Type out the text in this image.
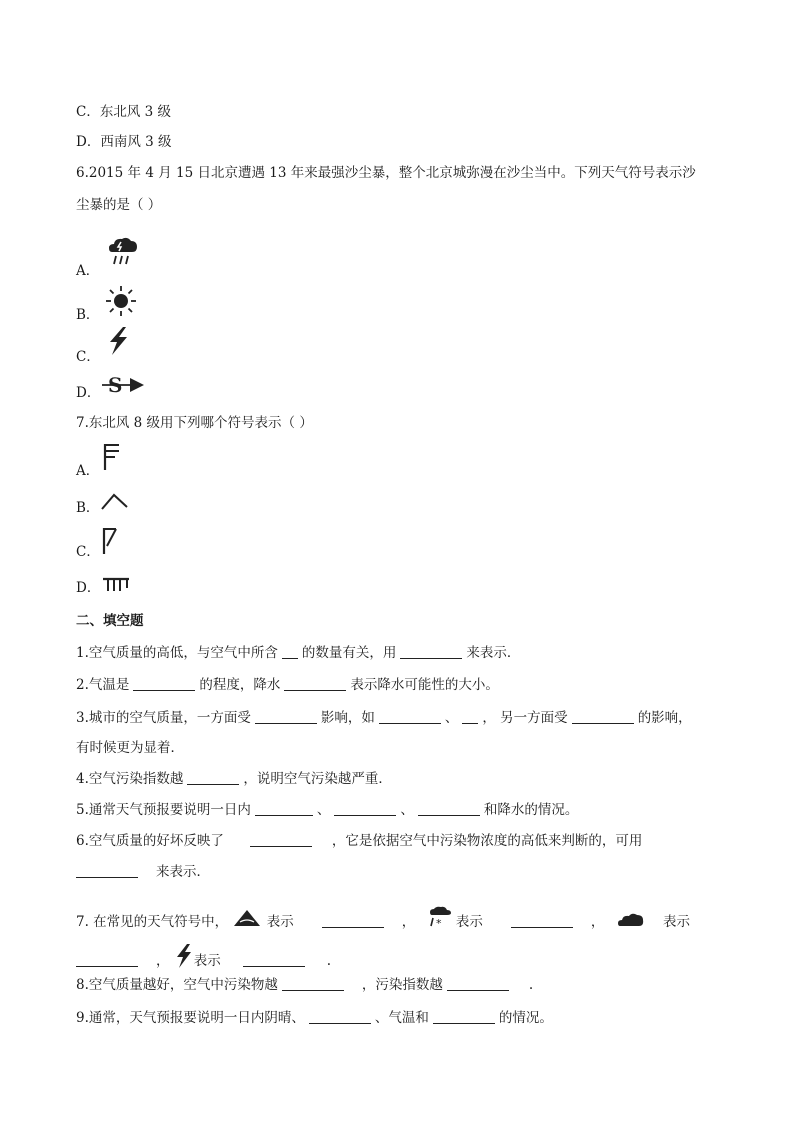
C．东北风 3 级
D．西南风 3 级
6.2015 年 4 月 15 日北京遭遇 13 年来最强沙尘暴，整个北京城弥漫在沙尘当中。下列天气符号表示沙
尘暴的是（ ）
A．
B．
C．
D． S
7.东北风 8 级用下列哪个符号表示（ ）
A．
B．
C．
D．
二、填空题
1.空气质量的高低，与空气中所含 的数量有关，用	来表示．
2.气温是	的程度，降水	表示降水可能性的大小。
3.城市的空气质量，一方面受	影响，如	、 ， 另一方面受	的影响，
有时候更为显着．
4.空气污染指数越	，说明空气污染越严重．
5.通常天气预报要说明一日内	、	、	和降水的情况。
6.空气质量的好坏反映了	，它是依据空气中污染物浓度的高低来判断的，可用
来表示．
7. 在常见的天气符号中，	表示	， * 表示	，	表示
， 表示	.
8.空气质量越好，空气中污染物越	，污染指数越	.
9.通常，天气预报要说明一日内阴晴、	、气温和	的情况。
